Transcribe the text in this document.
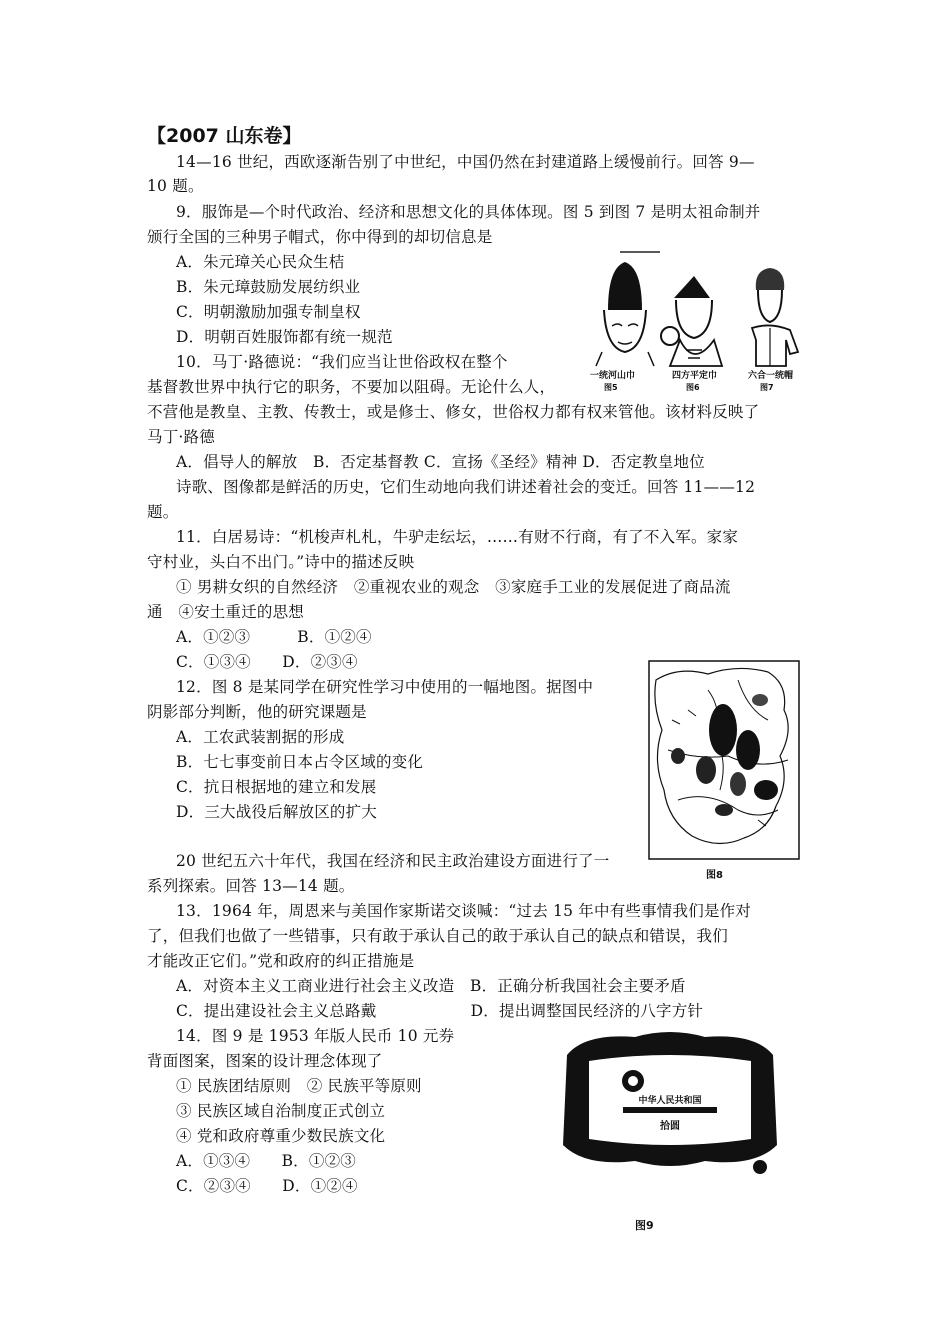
【2007 山东卷】
14—16 世纪，西欧逐渐告别了中世纪，中国仍然在封建道路上缓慢前行。回答 9—
10 题。
9．服饰是—个时代政治、经济和思想文化的具体体现。图 5 到图 7 是明太祖命制并
颁行全国的三种男子帽式，你中得到的却切信息是
A．朱元璋关心民众生桔
B．朱元璋鼓励发展纺织业
C．明朝激励加强专制皇权
D．明朝百姓服饰都有统一规范
10．马丁·路德说：“我们应当让世俗政权在整个
基督教世界中执行它的职务，不要加以阻碍。无论什么人，
不营他是教皇、主教、传教士，或是修士、修女，世俗权力都有权来管他。该材料反映了
马丁·路德
A．倡导人的解放　B．否定基督教 C．宣扬《圣经》精神 D．否定教皇地位
诗歌、图像都是鲜活的历史，它们生动地向我们讲述着社会的变迁。回答 11——12
题。
11．白居易诗：“机梭声札札，牛驴走纭坛，……有财不行商，有了不入军。家家
守村业，头白不出门。”诗中的描述反映
① 男耕女织的自然经济　②重视农业的观念　③家庭手工业的发展促进了商品流
通　④安土重迁的思想
A．①②③　　　B．①②④
C．①③④　　D．②③④
12．图 8 是某同学在研究性学习中使用的一幅地图。据图中
阴影部分判断，他的研究课题是
A．工农武装割据的形成
B．七七事变前日本占令区域的变化
C．抗日根据地的建立和发展
D．三大战役后解放区的扩大
20 世纪五六十年代，我国在经济和民主政治建设方面进行了一
系列探索。回答 13—14 题。
13．1964 年，周恩来与美国作家斯诺交谈喊：“过去 15 年中有些事情我们是作对
了，但我们也做了一些错事，只有敢于承认自己的敢于承认自己的缺点和错误，我们
才能改正它们。”党和政府的纠正措施是
A．对资本主义工商业进行社会主义改造　B．正确分析我国社会主要矛盾
C．提出建设社会主义总路戴　　　　　　D．提出调整国民经济的八字方针
14．图 9 是 1953 年版人民币 10 元券
背面图案，图案的设计理念体现了
① 民族团结原则　② 民族平等原则
③ 民族区域自治制度正式创立
④ 党和政府尊重少数民族文化
A．①③④　　B．①②③
C．②③④　　D．①②④
一统河山巾	四方平定巾	六合一统帽
图5	图6	图7
图8
中华人民共和国
拾圆
图9
